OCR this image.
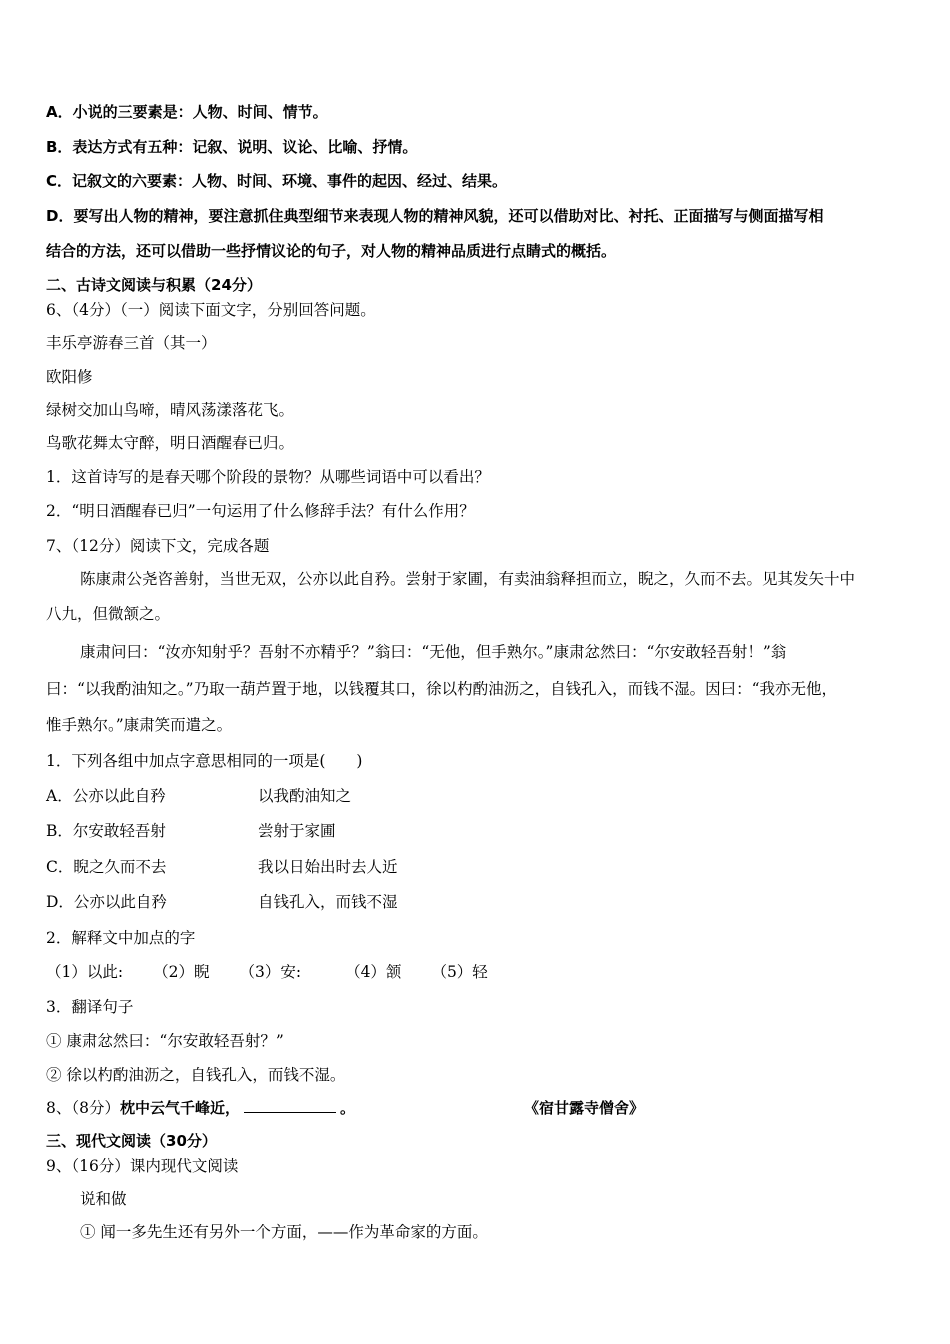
A．小说的三要素是：人物、时间、情节。
B．表达方式有五种：记叙、说明、议论、比喻、抒情。
C．记叙文的六要素：人物、时间、环境、事件的起因、经过、结果。
D．要写出人物的精神，要注意抓住典型细节来表现人物的精神风貌，还可以借助对比、衬托、正面描写与侧面描写相
结合的方法，还可以借助一些抒情议论的句子，对人物的精神品质进行点睛式的概括。
二、古诗文阅读与积累（24分）
6、（4分）（一）阅读下面文字，分别回答问题。
丰乐亭游春三首（其一）
欧阳修
绿树交加山鸟啼，晴风荡漾落花飞。
鸟歌花舞太守醉，明日酒醒春已归。
1．这首诗写的是春天哪个阶段的景物？从哪些词语中可以看出？
2．“明日酒醒春已归”一句运用了什么修辞手法？有什么作用？
7、（12分）阅读下文，完成各题
陈康肃公尧咨善射，当世无双，公亦以此自矜。尝射于家圃，有卖油翁释担而立，睨之，久而不去。见其发矢十中
八九，但微颔之。
康肃问曰：“汝亦知射乎？吾射不亦精乎？”翁曰：“无他，但手熟尔。”康肃忿然曰：“尔安敢轻吾射！”翁
曰：“以我酌油知之。”乃取一葫芦置于地，以钱覆其口，徐以杓酌油沥之，自钱孔入，而钱不湿。因曰：“我亦无他，
惟手熟尔。”康肃笑而遣之。
1．下列各组中加点字意思相同的一项是(　　)
A．公亦以此自矜	以我酌油知之
B．尔安敢轻吾射	尝射于家圃
C．睨之久而不去	我以日始出时去人近
D．公亦以此自矜	自钱孔入，而钱不湿
2．解释文中加点的字
（1）以此: （2）睨 （3）安:	（4）颔 （5）轻
3．翻译句子
① 康肃忿然曰：“尔安敢轻吾射？”
② 徐以杓酌油沥之，自钱孔入，而钱不湿。
8、（8分）枕中云气千峰近，	。	《宿甘露寺僧舍》
三、现代文阅读（30分）
9、（16分）课内现代文阅读
说和做
① 闻一多先生还有另外一个方面，——作为革命家的方面。
